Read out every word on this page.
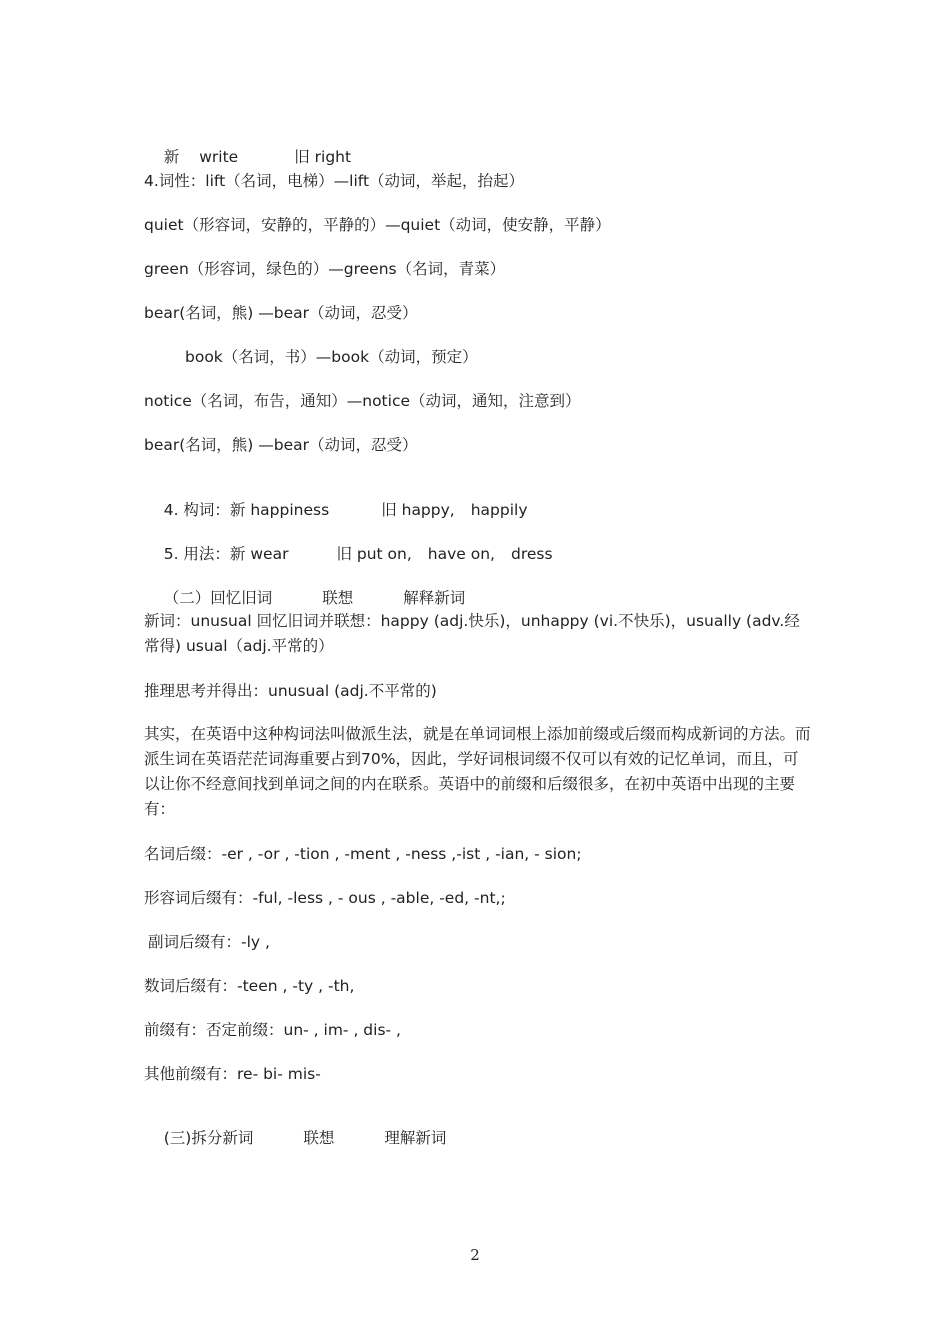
新 write	旧 right

4.词性：lift（名词，电梯）—lift（动词，举起，抬起）
quiet（形容词，安静的，平静的）—quiet（动词，使安静，平静）
green（形容词，绿色的）—greens（名词，青菜）
bear(名词，熊) —bear（动词，忍受）
book（名词，书）—book（动词，预定）
notice（名词，布告，通知）—notice（动词，通知，注意到）
bear(名词，熊) —bear（动词，忍受）

4. 构词：新 happiness	旧 happy, happily

5. 用法：新 wear	旧 put on, have on, dress

（二）回忆旧词	联想	解释新词

新词：unusual 回忆旧词并联想：happy (adj.快乐)，unhappy (vi.不快乐)，usually (adv.经常得) usual（adj.平常的）
推理思考并得出：unusual (adj.不平常的)
其实，在英语中这种构词法叫做派生法，就是在单词词根上添加前缀或后缀而构成新词的方法。而派生词在英语茫茫词海重要占到70%，因此，学好词根词缀不仅可以有效的记忆单词，而且，可以让你不经意间找到单词之间的内在联系。英语中的前缀和后缀很多，在初中英语中出现的主要有：
名词后缀：-er , -or , -tion , -ment , -ness ,-ist , -ian, - sion;
形容词后缀有：-ful, -less , - ous , -able, -ed, -nt,;
副词后缀有：-ly ,
数词后缀有：-teen , -ty , -th,
前缀有：否定前缀：un- , im- , dis- ,
其他前缀有：re- bi- mis-

(三)拆分新词	联想	理解新词

2
